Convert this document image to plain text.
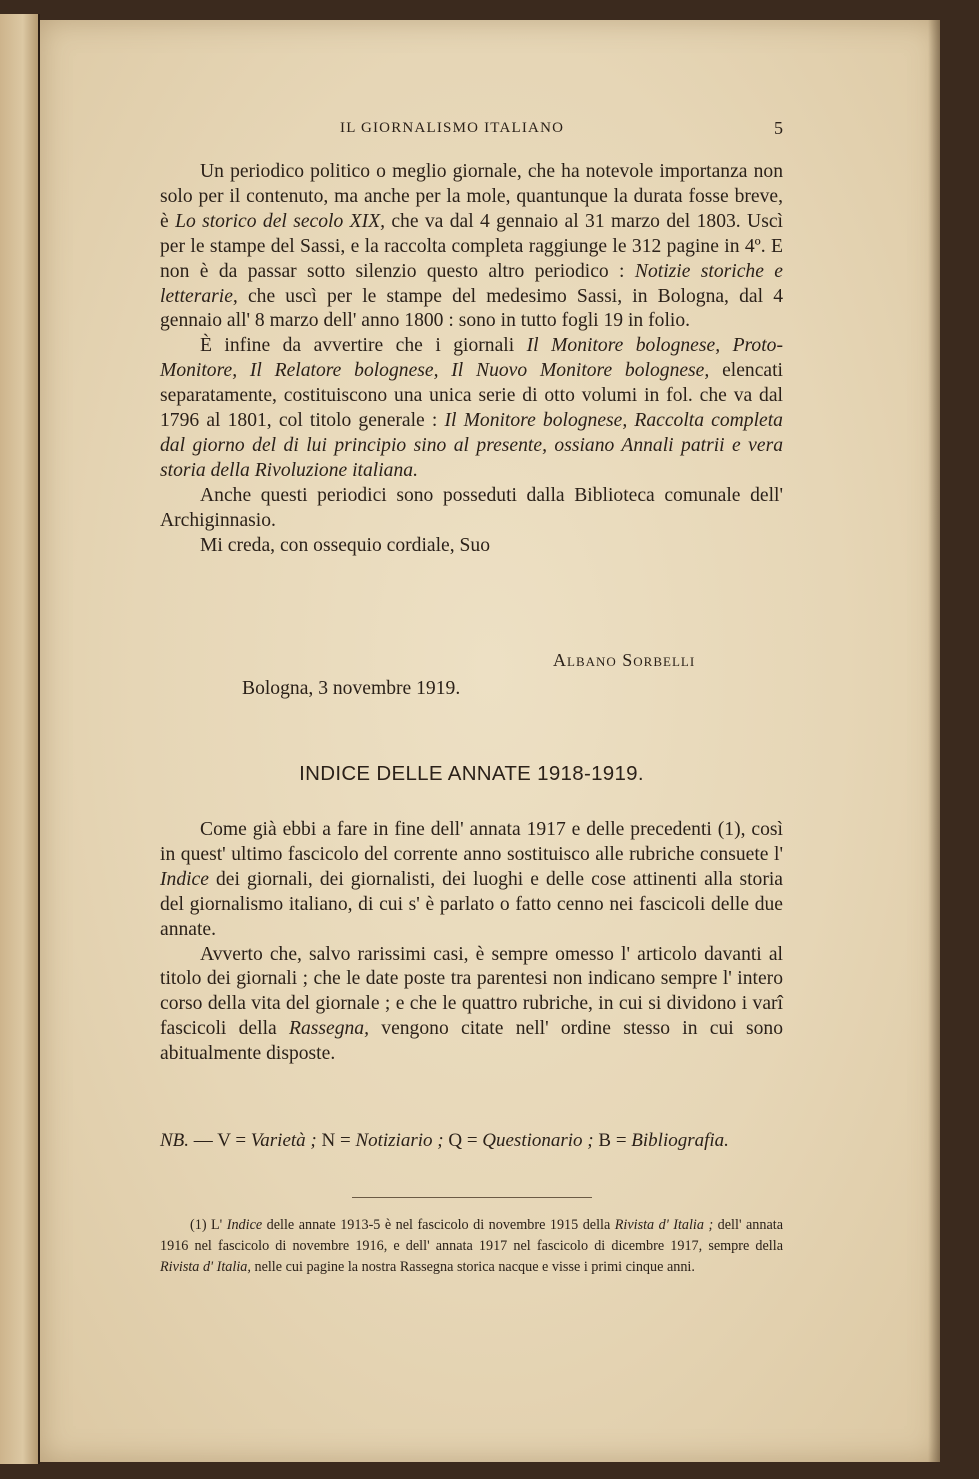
IL GIORNALISMO ITALIANO	5

Un periodico politico o meglio giornale, che ha notevole importanza non solo per il contenuto, ma anche per la mole, quantunque la durata fosse breve, è Lo storico del secolo XIX, che va dal 4 gennaio al 31 marzo del 1803. Uscì per le stampe del Sassi, e la raccolta completa raggiunge le 312 pagine in 4º. E non è da passar sotto silenzio questo altro periodico : Notizie storiche e letterarie, che uscì per le stampe del medesimo Sassi, in Bologna, dal 4 gennaio all' 8 marzo dell' anno 1800 : sono in tutto fogli 19 in folio.

È infine da avvertire che i giornali Il Monitore bolognese, Proto-Monitore, Il Relatore bolognese, Il Nuovo Monitore bolognese, elencati separatamente, costituiscono una unica serie di otto volumi in fol. che va dal 1796 al 1801, col titolo generale : Il Monitore bolognese, Raccolta completa dal giorno del di lui principio sino al presente, ossiano Annali patrii e vera storia della Rivoluzione italiana.

Anche questi periodici sono posseduti dalla Biblioteca comunale dell' Archiginnasio.

Mi creda, con ossequio cordiale, Suo

Albano Sorbelli
Bologna, 3 novembre 1919.
INDICE DELLE ANNATE 1918-1919.

Come già ebbi a fare in fine dell' annata 1917 e delle precedenti (1), così in quest' ultimo fascicolo del corrente anno sostituisco alle rubriche consuete l' Indice dei giornali, dei giornalisti, dei luoghi e delle cose attinenti alla storia del giornalismo italiano, di cui s' è parlato o fatto cenno nei fascicoli delle due annate.

Avverto che, salvo rarissimi casi, è sempre omesso l' articolo davanti al titolo dei giornali ; che le date poste tra parentesi non indicano sempre l' intero corso della vita del giornale ; e che le quattro rubriche, in cui si dividono i varî fascicoli della Rassegna, vengono citate nell' ordine stesso in cui sono abitualmente disposte.

NB. — V = Varietà ; N = Notiziario ; Q = Questionario ; B = Bibliografia.
(1) L' Indice delle annate 1913-5 è nel fascicolo di novembre 1915 della Rivista d' Italia ; dell' annata 1916 nel fascicolo di novembre 1916, e dell' annata 1917 nel fascicolo di dicembre 1917, sempre della Rivista d' Italia, nelle cui pagine la nostra Rassegna storica nacque e visse i primi cinque anni.
